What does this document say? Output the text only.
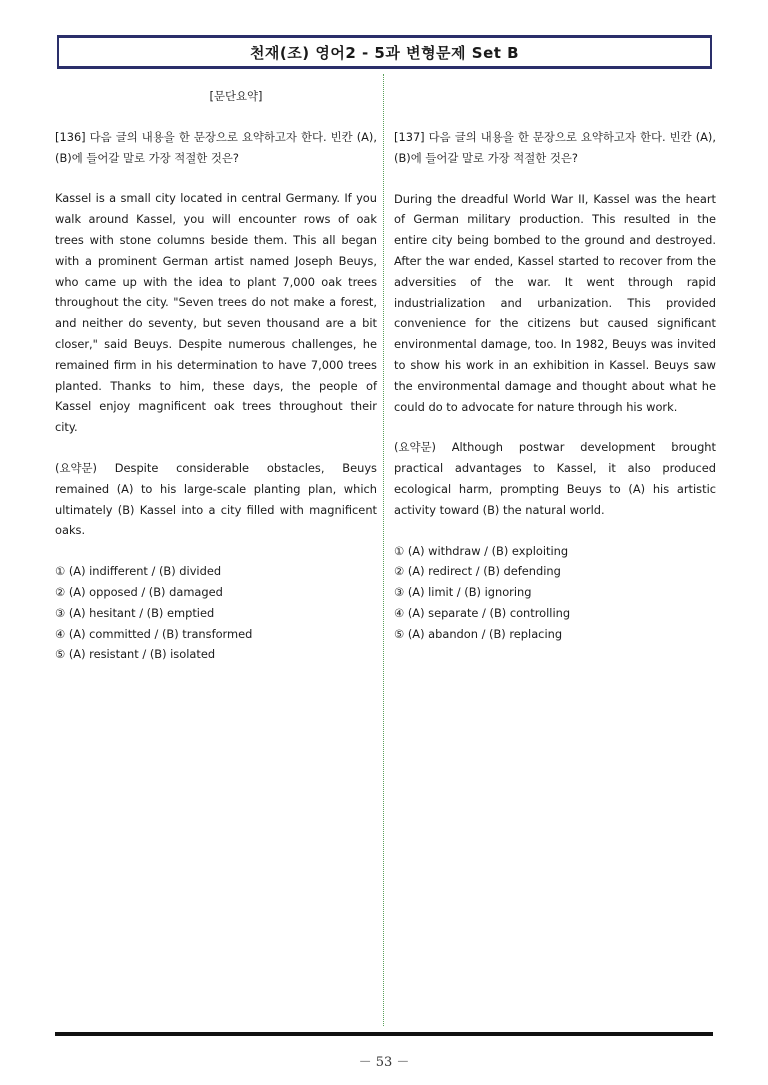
천재(조) 영어2 - 5과 변형문제 Set B

[문단요약]

[136] 다음 글의 내용을 한 문장으로 요약하고자 한다. 빈칸 (A), (B)에 들어갈 말로 가장 적절한 것은?

Kassel is a small city located in central Germany. If you walk around Kassel, you will encounter rows of oak trees with stone columns beside them. This all began with a prominent German artist named Joseph Beuys, who came up with the idea to plant 7,000 oak trees throughout the city. "Seven trees do not make a forest, and neither do seventy, but seven thousand are a bit closer," said Beuys. Despite numerous challenges, he remained firm in his determination to have 7,000 trees planted. Thanks to him, these days, the people of Kassel enjoy magnificent oak trees throughout their city.

(요약문) Despite considerable obstacles, Beuys remained (A) to his large-scale planting plan, which ultimately (B) Kassel into a city filled with magnificent oaks.

① (A) indifferent / (B) divided
② (A) opposed / (B) damaged
③ (A) hesitant / (B) emptied
④ (A) committed / (B) transformed
⑤ (A) resistant / (B) isolated

[137] 다음 글의 내용을 한 문장으로 요약하고자 한다. 빈칸 (A), (B)에 들어갈 말로 가장 적절한 것은?

During the dreadful World War II, Kassel was the heart of German military production. This resulted in the entire city being bombed to the ground and destroyed. After the war ended, Kassel started to recover from the adversities of the war. It went through rapid industrialization and urbanization. This provided convenience for the citizens but caused significant environmental damage, too. In 1982, Beuys was invited to show his work in an exhibition in Kassel. Beuys saw the environmental damage and thought about what he could do to advocate for nature through his work.

(요약문) Although postwar development brought practical advantages to Kassel, it also produced ecological harm, prompting Beuys to (A) his artistic activity toward (B) the natural world.

① (A) withdraw / (B) exploiting
② (A) redirect / (B) defending
③ (A) limit / (B) ignoring
④ (A) separate / (B) controlling
⑤ (A) abandon / (B) replacing
－ 53 －
